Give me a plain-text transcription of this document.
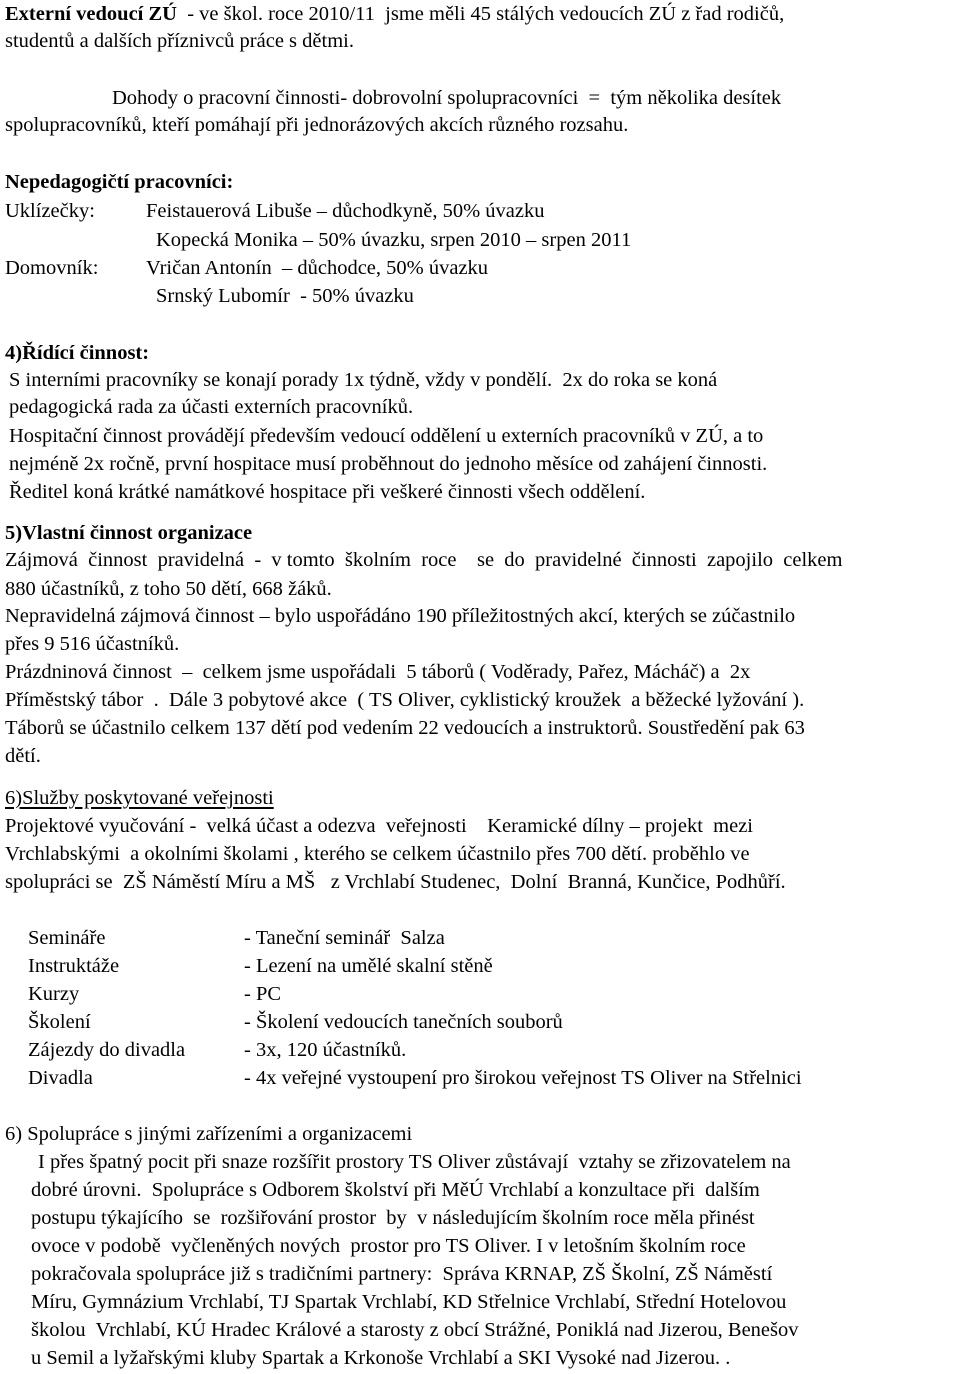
Externí vedoucí ZÚ  - ve škol. roce 2010/11  jsme měli 45 stálých vedoucích ZÚ z řad rodičů,
studentů a dalších příznivců práce s dětmi.
Dohody o pracovní činnosti- dobrovolní spolupracovníci  =  tým několika desítek
spolupracovníků, kteří pomáhají při jednorázových akcích různého rozsahu.
Nepedagogičtí pracovníci:
Uklízečky: Feistauerová Libuše – důchodkyně, 50% úvazku
Kopecká Monika – 50% úvazku, srpen 2010 – srpen 2011
Domovník: Vričan Antonín  – důchodce, 50% úvazku
Srnský Lubomír  - 50% úvazku
4)Řídící činnost:
S interními pracovníky se konají porady 1x týdně, vždy v pondělí.  2x do roka se koná
pedagogická rada za účasti externích pracovníků.
Hospitační činnost provádějí především vedoucí oddělení u externích pracovníků v ZÚ, a to
nejméně 2x ročně, první hospitace musí proběhnout do jednoho měsíce od zahájení činnosti.
Ředitel koná krátké namátkové hospitace při veškeré činnosti všech oddělení.
5)Vlastní činnost organizace
Zájmová  činnost  pravidelná  -  v tomto  školním  roce    se  do  pravidelné  činnosti  zapojilo  celkem
880 účastníků, z toho 50 dětí, 668 žáků.
Nepravidelná zájmová činnost – bylo uspořádáno 190 příležitostných akcí, kterých se zúčastnilo
přes 9 516 účastníků.
Prázdninová činnost  –  celkem jsme uspořádali  5 táborů ( Voděrady, Pařez, Mácháč) a  2x
Příměstský tábor  .  Dále 3 pobytové akce  ( TS Oliver, cyklistický kroužek  a běžecké lyžování ).
Táborů se účastnilo celkem 137 dětí pod vedením 22 vedoucích a instruktorů. Soustředění pak 63
dětí.
6)Služby poskytované veřejnosti
Projektové vyučování -  velká účast a odezva  veřejnosti    Keramické dílny – projekt  mezi
Vrchlabskými  a okolními školami , kterého se celkem účastnilo přes 700 dětí. proběhlo ve
spolupráci se  ZŠ Náměstí Míru a MŠ   z Vrchlabí Studenec,  Dolní  Branná, Kunčice, Podhůří.
Semináře	- Taneční seminář  Salza
Instruktáže	- Lezení na umělé skalní stěně
Kurzy	- PC
Školení	- Školení vedoucích tanečních souborů
Zájezdy do divadla	- 3x, 120 účastníků.
Divadla	- 4x veřejné vystoupení pro širokou veřejnost TS Oliver na Střelnici
6) Spolupráce s jinými zařízeními a organizacemi
I přes špatný pocit při snaze rozšířit prostory TS Oliver zůstávají  vztahy se zřizovatelem na
dobré úrovni.  Spolupráce s Odborem školství při MěÚ Vrchlabí a konzultace při  dalším
postupu týkajícího  se  rozšiřování prostor  by  v následujícím školním roce měla přinést
ovoce v podobě  vyčleněných nových  prostor pro TS Oliver. I v letošním školním roce
pokračovala spolupráce již s tradičními partnery:  Správa KRNAP, ZŠ Školní, ZŠ Náměstí
Míru, Gymnázium Vrchlabí, TJ Spartak Vrchlabí, KD Střelnice Vrchlabí, Střední Hotelovou
školou  Vrchlabí, KÚ Hradec Králové a starosty z obcí Strážné, Poniklá nad Jizerou, Benešov
u Semil a lyžařskými kluby Spartak a Krkonoše Vrchlabí a SKI Vysoké nad Jizerou. .
